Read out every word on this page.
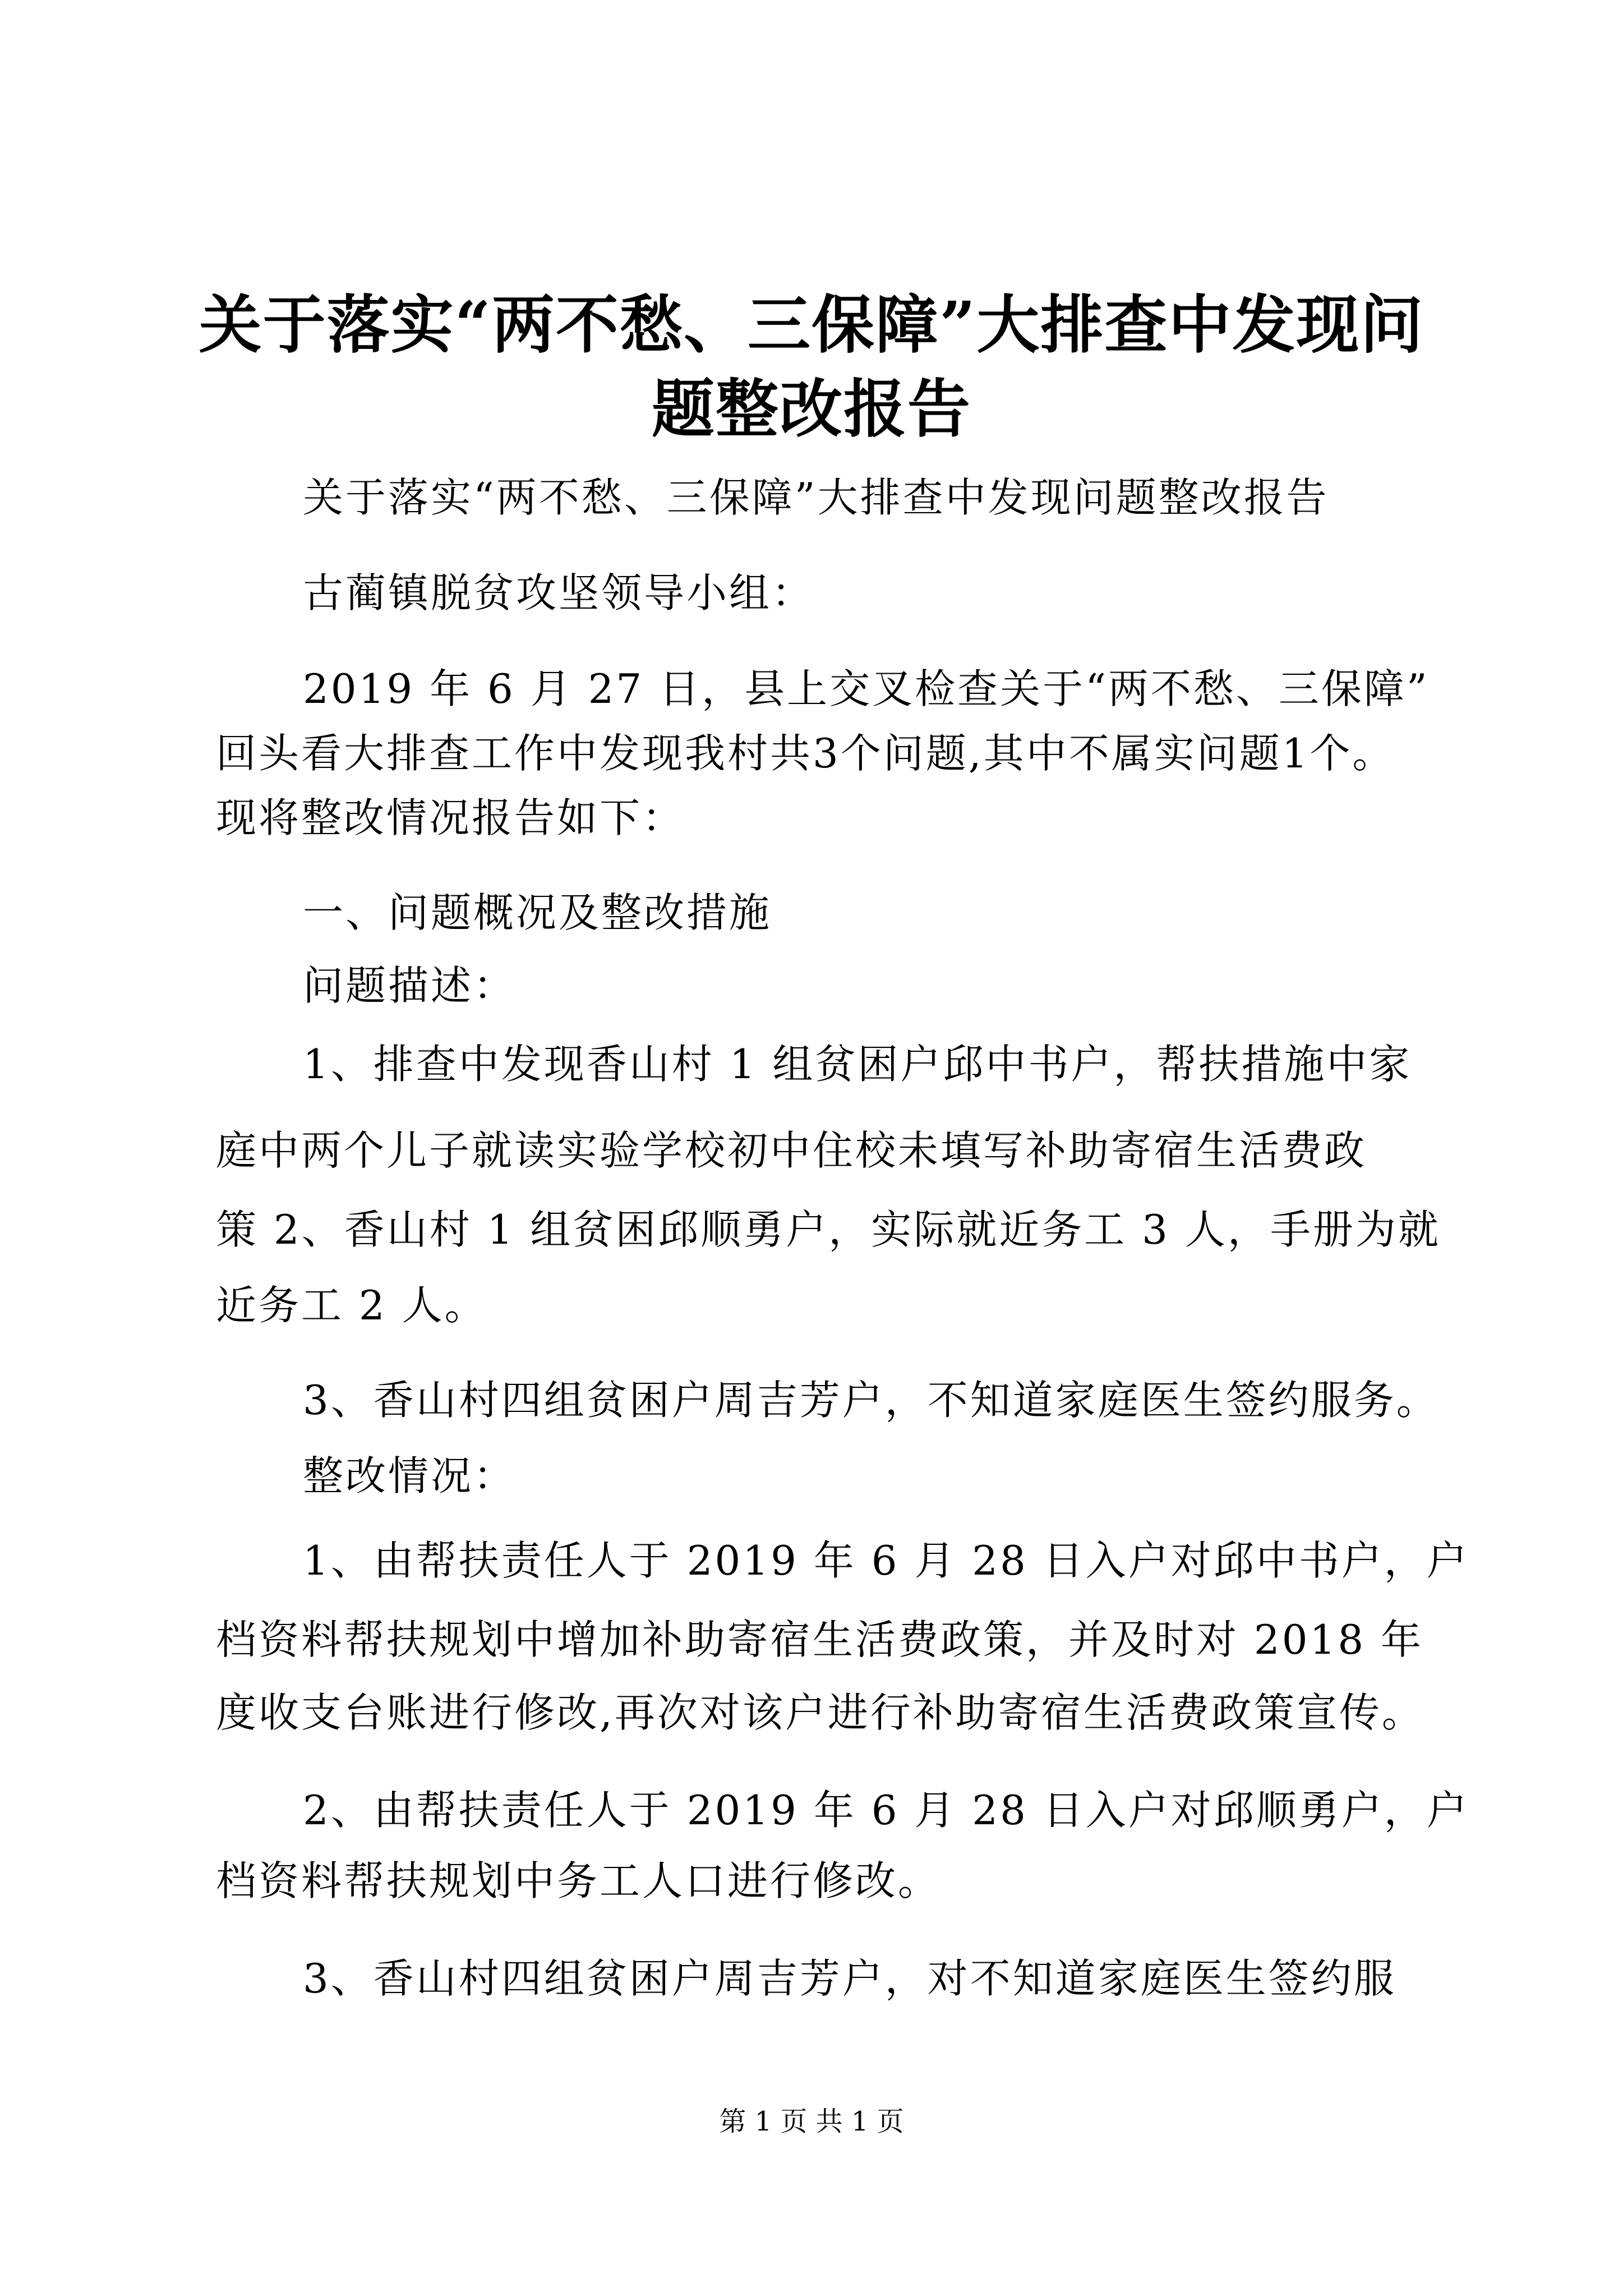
关于落实“两不愁、三保障”大排查中发现问
题整改报告

关于落实“两不愁、三保障”大排查中发现问题整改报告

古蔺镇脱贫攻坚领导小组：

2019 年 6 月 27 日，县上交叉检查关于“两不愁、三保障”

回头看大排查工作中发现我村共3个问题,其中不属实问题1个。

现将整改情况报告如下：

一、问题概况及整改措施

问题描述：

1、排查中发现香山村 1 组贫困户邱中书户，帮扶措施中家

庭中两个儿子就读实验学校初中住校未填写补助寄宿生活费政

策 2、香山村 1 组贫困邱顺勇户，实际就近务工 3 人，手册为就

近务工 2 人。

3、香山村四组贫困户周吉芳户，不知道家庭医生签约服务。

整改情况：

1、由帮扶责任人于 2019 年 6 月 28 日入户对邱中书户，户

档资料帮扶规划中增加补助寄宿生活费政策，并及时对 2018 年

度收支台账进行修改,再次对该户进行补助寄宿生活费政策宣传。

2、由帮扶责任人于 2019 年 6 月 28 日入户对邱顺勇户，户

档资料帮扶规划中务工人口进行修改。

3、香山村四组贫困户周吉芳户，对不知道家庭医生签约服

第 1 页 共 1 页
